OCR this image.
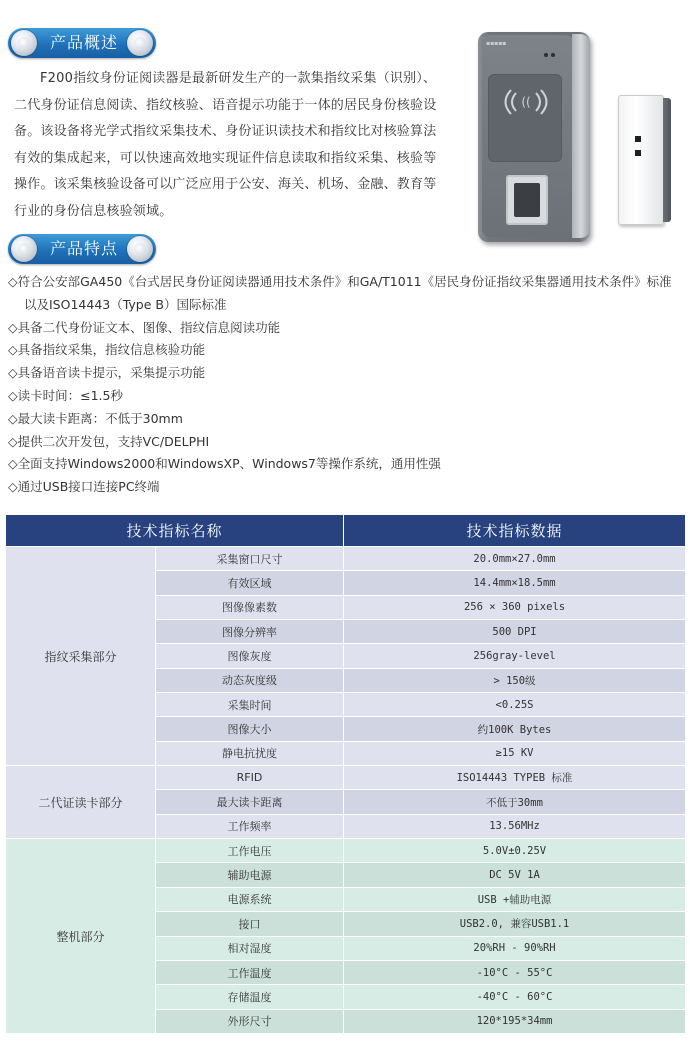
产品概述

F200指纹身份证阅读器是最新研发生产的一款集指纹采集（识别）、二代身份证信息阅读、指纹核验、语音提示功能于一体的居民身份核验设备。该设备将光学式指纹采集技术、身份证识读技术和指纹比对核验算法有效的集成起来，可以快速高效地实现证件信息读取和指纹采集、核验等操作。该采集核验设备可以广泛应用于公安、海关、机场、金融、教育等行业的身份信息核验领域。

▪▪▪▪▪
((
产品特点
◇ 符合公安部GA450《台式居民身份证阅读器通用技术条件》和GA/T1011《居民身份证指纹采集器通用技术条件》标准以及ISO14443（Type B）国际标准
◇ 具备二代身份证文本、图像、指纹信息阅读功能
◇ 具备指纹采集，指纹信息核验功能
◇ 具备语音读卡提示，采集提示功能
◇ 读卡时间：≤1.5秒
◇ 最大读卡距离：不低于30mm
◇ 提供二次开发包，支持VC/DELPHI
◇ 全面支持Windows2000和WindowsXP、Windows7等操作系统，通用性强
◇ 通过USB接口连接PC终端
技术指标名称		技术指标数据
指纹采集部分	采集窗口尺寸	20.0mm×27.0mm
	有效区域	14.4mm×18.5mm
	图像像素数	256 × 360 pixels
	图像分辨率	500 DPI
	图像灰度	256gray-level
	动态灰度级	> 150级
	采集时间	<0.25S
	图像大小	约100K Bytes
	静电抗扰度	≥15 KV
二代证读卡部分	RFID	ISO14443 TYPEB 标准
	最大读卡距离	不低于30mm
	工作频率	13.56MHz
整机部分	工作电压	5.0V±0.25V
	辅助电源	DC 5V 1A
	电源系统	USB +辅助电源
	接口	USB2.0, 兼容USB1.1
	相对湿度	20%RH - 90%RH
	工作温度	-10°C - 55°C
	存储温度	-40°C - 60°C
	外形尺寸	120*195*34mm
